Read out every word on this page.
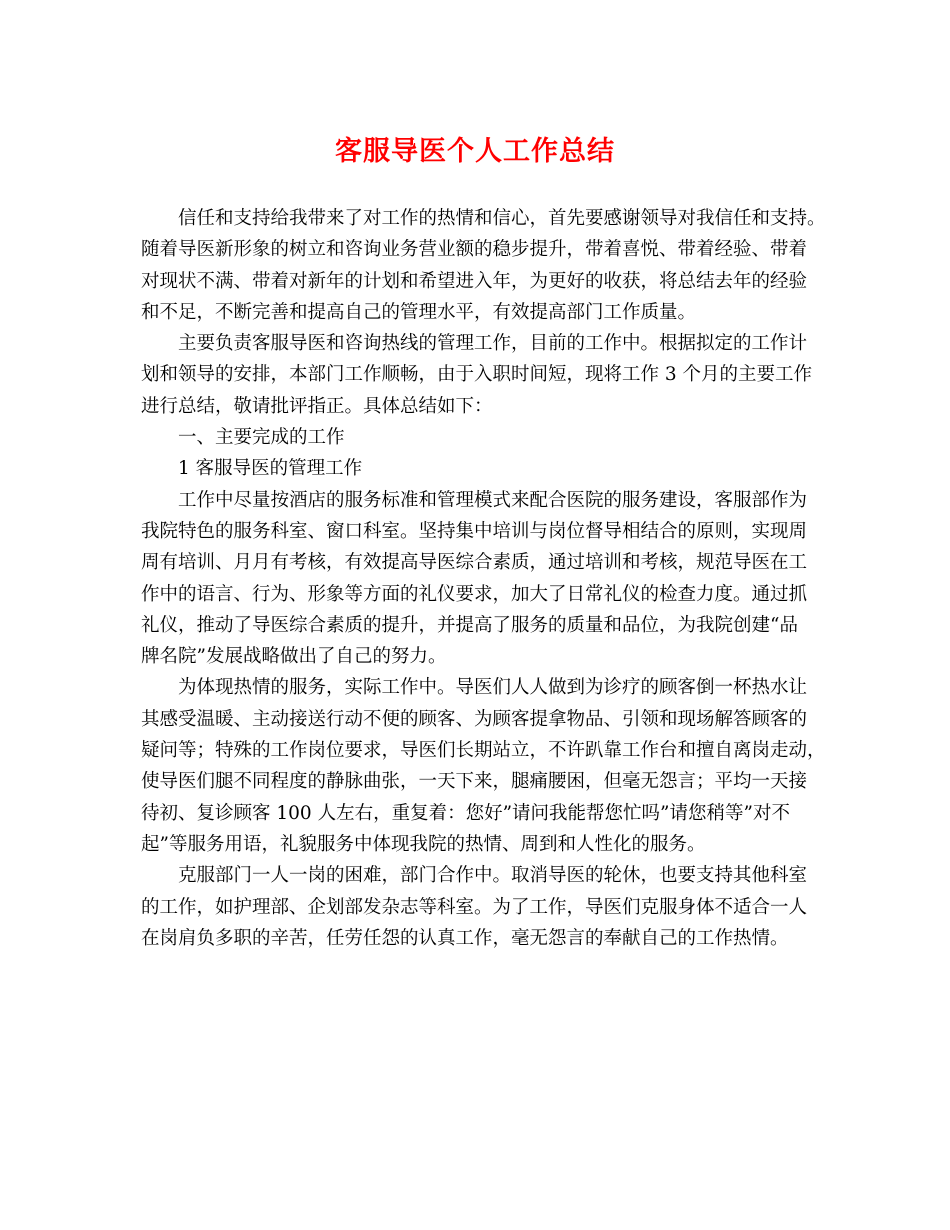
客服导医个人工作总结
信任和支持给我带来了对工作的热情和信心，首先要感谢领导对我信任和支持。
随着导医新形象的树立和咨询业务营业额的稳步提升，带着喜悦、带着经验、带着
对现状不满、带着对新年的计划和希望进入年，为更好的收获，将总结去年的经验
和不足，不断完善和提高自己的管理水平，有效提高部门工作质量。
主要负责客服导医和咨询热线的管理工作，目前的工作中。根据拟定的工作计
划和领导的安排，本部门工作顺畅，由于入职时间短，现将工作 3 个月的主要工作
进行总结，敬请批评指正。具体总结如下：
一、主要完成的工作
1 客服导医的管理工作
工作中尽量按酒店的服务标准和管理模式来配合医院的服务建设，客服部作为
我院特色的服务科室、窗口科室。坚持集中培训与岗位督导相结合的原则，实现周
周有培训、月月有考核，有效提高导医综合素质，通过培训和考核，规范导医在工
作中的语言、行为、形象等方面的礼仪要求，加大了日常礼仪的检查力度。通过抓
礼仪，推动了导医综合素质的提升，并提高了服务的质量和品位，为我院创建“品
牌名院”发展战略做出了自己的努力。
为体现热情的服务，实际工作中。导医们人人做到为诊疗的顾客倒一杯热水让
其感受温暖、主动接送行动不便的顾客、为顾客提拿物品、引领和现场解答顾客的
疑问等；特殊的工作岗位要求，导医们长期站立，不许趴靠工作台和擅自离岗走动，
使导医们腿不同程度的静脉曲张，一天下来，腿痛腰困，但毫无怨言；平均一天接
待初、复诊顾客 100 人左右，重复着：您好”请问我能帮您忙吗”请您稍等”对不
起”等服务用语，礼貌服务中体现我院的热情、周到和人性化的服务。
克服部门一人一岗的困难，部门合作中。取消导医的轮休，也要支持其他科室
的工作，如护理部、企划部发杂志等科室。为了工作，导医们克服身体不适合一人
在岗肩负多职的辛苦，任劳任怨的认真工作，毫无怨言的奉献自己的工作热情。
